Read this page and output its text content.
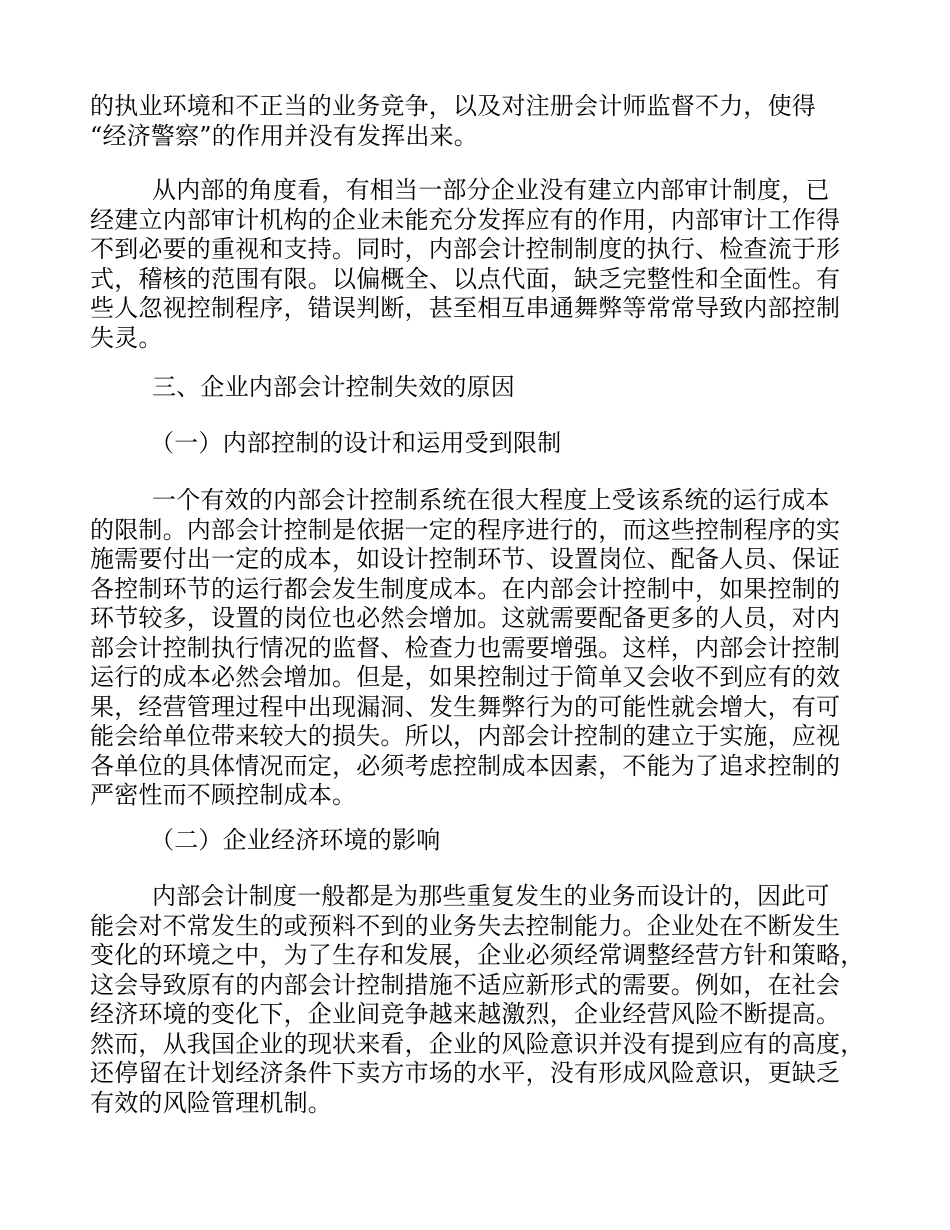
的执业环境和不正当的业务竞争，以及对注册会计师监督不力，使得
“经济警察”的作用并没有发挥出来。
从内部的角度看，有相当一部分企业没有建立内部审计制度，已
经建立内部审计机构的企业未能充分发挥应有的作用，内部审计工作得
不到必要的重视和支持。同时，内部会计控制制度的执行、检查流于形
式，稽核的范围有限。以偏概全、以点代面，缺乏完整性和全面性。有
些人忽视控制程序，错误判断，甚至相互串通舞弊等常常导致内部控制
失灵。
三、企业内部会计控制失效的原因
（一）内部控制的设计和运用受到限制
一个有效的内部会计控制系统在很大程度上受该系统的运行成本
的限制。内部会计控制是依据一定的程序进行的，而这些控制程序的实
施需要付出一定的成本，如设计控制环节、设置岗位、配备人员、保证
各控制环节的运行都会发生制度成本。在内部会计控制中，如果控制的
环节较多，设置的岗位也必然会增加。这就需要配备更多的人员，对内
部会计控制执行情况的监督、检查力也需要增强。这样，内部会计控制
运行的成本必然会增加。但是，如果控制过于简单又会收不到应有的效
果，经营管理过程中出现漏洞、发生舞弊行为的可能性就会增大，有可
能会给单位带来较大的损失。所以，内部会计控制的建立于实施，应视
各单位的具体情况而定，必须考虑控制成本因素，不能为了追求控制的
严密性而不顾控制成本。
（二）企业经济环境的影响
内部会计制度一般都是为那些重复发生的业务而设计的，因此可
能会对不常发生的或预料不到的业务失去控制能力。企业处在不断发生
变化的环境之中，为了生存和发展，企业必须经常调整经营方针和策略，
这会导致原有的内部会计控制措施不适应新形式的需要。例如，在社会
经济环境的变化下，企业间竞争越来越激烈，企业经营风险不断提高。
然而，从我国企业的现状来看，企业的风险意识并没有提到应有的高度，
还停留在计划经济条件下卖方市场的水平，没有形成风险意识，更缺乏
有效的风险管理机制。
